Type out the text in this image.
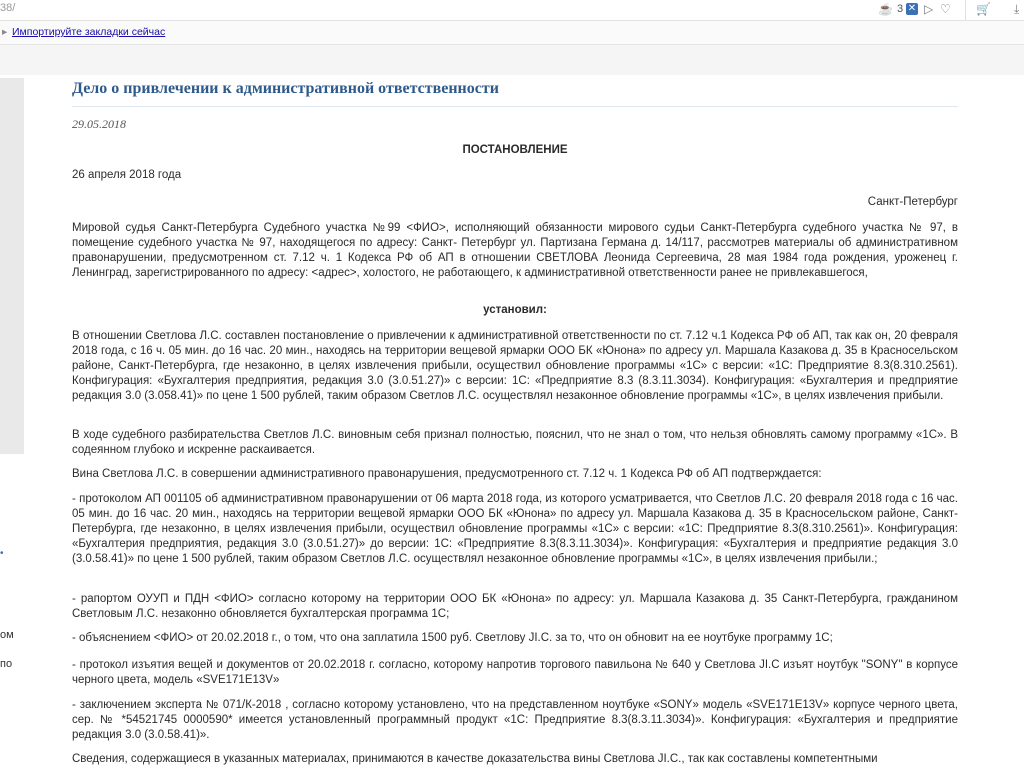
38/	☕ 3 ✕ ▷ ♡ 🛒 ⤓
▸ Импортируйте закладки сейчас
•
ом
по
Дело о привлечении к административной ответственности
29.05.2018
ПОСТАНОВЛЕНИЕ
26 апреля 2018 года
Санкт-Петербург
Мировой судья Санкт-Петербурга Судебного участка №99 <ФИО>, исполняющий обязанности мирового судьи Санкт-Петербурга судебного участка № 97, в помещение судебного участка № 97, находящегося по адресу: Санкт- Петербург ул. Партизана Германа д. 14/117, рассмотрев материалы об административном правонарушении, предусмотренном ст. 7.12 ч. 1 Кодекса РФ об АП в отношении СВЕТЛОВА Леонида Сергеевича, 28 мая 1984 года рождения, уроженец г. Ленинград, зарегистрированного по адресу: <адрес>, холостого, не работающего, к административной ответственности ранее не привлекавшегося,
установил:
В отношении Светлова Л.С. составлен постановление о привлечении к административной ответственности по ст. 7.12 ч.1 Кодекса РФ об АП, так как он, 20 февраля 2018 года, с 16 ч. 05 мин. до 16 час. 20 мин., находясь на территории вещевой ярмарки ООО БК «Юнона» по адресу ул. Маршала Казакова д. 35 в Красносельском районе, Санкт-Петербурга, где незаконно, в целях извлечения прибыли, осуществил обновление программы «1С» с версии: «1С: Предприятие 8.3(8.310.2561). Конфигурация: «Бухгалтерия предприятия, редакция 3.0 (3.0.51.27)» с версии: 1С: «Предприятие 8.3 (8.3.11.3034). Конфигурация: «Бухгалтерия и предприятие редакция 3.0 (3.058.41)» по цене 1 500 рублей, таким образом Светлов Л.С. осуществлял незаконное обновление программы «1С», в целях извлечения прибыли.
В ходе судебного разбирательства Светлов Л.С. виновным себя признал полностью, пояснил, что не знал о том, что нельзя обновлять самому программу «1С». В содеянном глубоко и искренне раскаивается.
Вина Светлова Л.С. в совершении административного правонарушения, предусмотренного ст. 7.12 ч. 1 Кодекса РФ об АП подтверждается:
- протоколом АП 001105 об административном правонарушении от 06 марта 2018 года, из которого усматривается, что Светлов Л.С. 20 февраля 2018 года с 16 час. 05 мин. до 16 час. 20 мин., находясь на территории вещевой ярмарки ООО БК «Юнона» по адресу ул. Маршала Казакова д. 35 в Красносельском районе, Санкт- Петербурга, где незаконно, в целях извлечения прибыли, осуществил обновление программы «1С» с версии: «1С: Предприятие 8.3(8.310.2561)». Конфигурация: «Бухгалтерия предприятия, редакция 3.0 (3.0.51.27)» до версии: 1С: «Предприятие 8.3(8.3.11.3034)». Конфигурация: «Бухгалтерия и предприятие редакция 3.0 (3.0.58.41)» по цене 1 500 рублей, таким образом Светлов Л.С. осуществлял незаконное обновление программы «1С», в целях извлечения прибыли.;
- рапортом ОУУП и ПДН <ФИО> согласно которому на территории ООО БК «Юнона» по адресу: ул. Маршала Казакова д. 35 Санкт-Петербурга, гражданином Светловым Л.С. незаконно обновляется бухгалтерская программа 1С;
- объяснением <ФИО> от 20.02.2018 г., о том, что она заплатила 1500 руб. Светлову JI.C. за то, что он обновит на ее ноутбуке программу 1С;
- протокол изъятия вещей и документов от 20.02.2018 г. согласно, которому напротив торгового павильона № 640 у Светлова JI.C изъят ноутбук "SONY" в корпусе черного цвета, модель «SVE171E13V»
- заключением эксперта № 071/К-2018 , согласно которому установлено, что на представленном ноутбуке «SONY» модель «SVE171E13V» корпусе черного цвета, сер. № *54521745 0000590* имеется установленный программный продукт «1С: Предприятие 8.3(8.3.11.3034)». Конфигурация: «Бухгалтерия и предприятие редакция 3.0 (3.0.58.41)».
Сведения, содержащиеся в указанных материалах, принимаются в качестве доказательства вины Светлова JI.C., так как составлены компетентными
